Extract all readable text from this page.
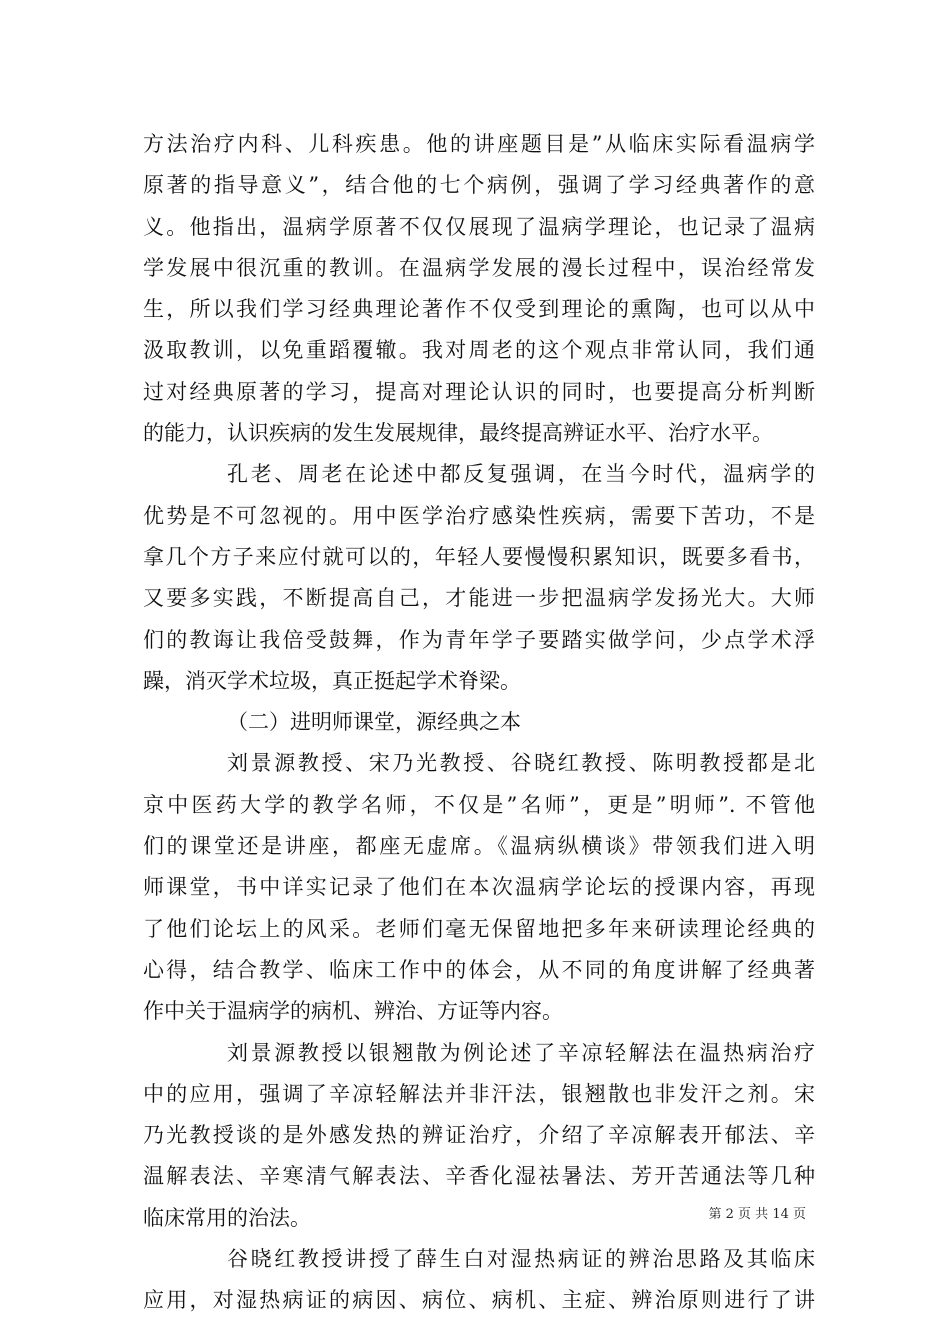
方法治疗内科、儿科疾患。他的讲座题目是”从临床实际看温病学
原著的指导意义”，结合他的七个病例，强调了学习经典著作的意
义。他指出，温病学原著不仅仅展现了温病学理论，也记录了温病
学发展中很沉重的教训。在温病学发展的漫长过程中，误治经常发
生，所以我们学习经典理论著作不仅受到理论的熏陶，也可以从中
汲取教训，以免重蹈覆辙。我对周老的这个观点非常认同，我们通
过对经典原著的学习，提高对理论认识的同时，也要提高分析判断
的能力，认识疾病的发生发展规律，最终提高辨证水平、治疗水平。
孔老、周老在论述中都反复强调，在当今时代，温病学的
优势是不可忽视的。用中医学治疗感染性疾病，需要下苦功，不是
拿几个方子来应付就可以的，年轻人要慢慢积累知识，既要多看书，
又要多实践，不断提高自己，才能进一步把温病学发扬光大。大师
们的教诲让我倍受鼓舞，作为青年学子要踏实做学问，少点学术浮
躁，消灭学术垃圾，真正挺起学术脊梁。
（二）进明师课堂，源经典之本
刘景源教授、宋乃光教授、谷晓红教授、陈明教授都是北
京中医药大学的教学名师，不仅是”名师”，更是”明师”. 不管他
们的课堂还是讲座，都座无虚席。《温病纵横谈》带领我们进入明
师课堂，书中详实记录了他们在本次温病学论坛的授课内容，再现
了他们论坛上的风采。老师们毫无保留地把多年来研读理论经典的
心得，结合教学、临床工作中的体会，从不同的角度讲解了经典著
作中关于温病学的病机、辨治、方证等内容。
刘景源教授以银翘散为例论述了辛凉轻解法在温热病治疗
中的应用，强调了辛凉轻解法并非汗法，银翘散也非发汗之剂。宋
乃光教授谈的是外感发热的辨证治疗，介绍了辛凉解表开郁法、辛
温解表法、辛寒清气解表法、辛香化湿祛暑法、芳开苦通法等几种
临床常用的治法。
谷晓红教授讲授了薛生白对湿热病证的辨治思路及其临床
应用，对湿热病证的病因、病位、病机、主症、辨治原则进行了讲
第 2 页 共 14 页
